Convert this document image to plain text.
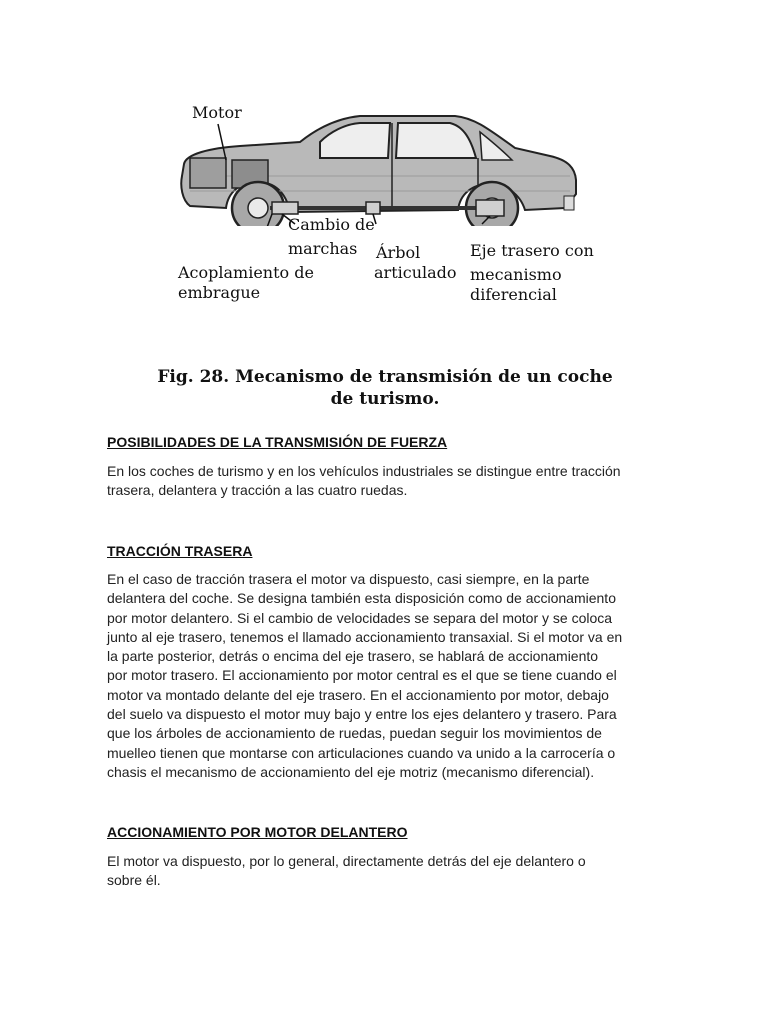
Motor
Cambio de
marchas Árbol
articulado
Eje trasero con
mecanismo
diferencial
Acoplamiento de
embrague
Fig. 28. Mecanismo de transmisión de un coche
de turismo.
POSIBILIDADES DE LA TRANSMISIÓN DE FUERZA
En los coches de turismo y en los vehículos industriales se distingue entre tracción
trasera, delantera y tracción a las cuatro ruedas.
TRACCIÓN TRASERA
En el caso de tracción trasera el motor va dispuesto, casi siempre, en la parte
delantera del coche. Se designa también esta disposición como de accionamiento
por motor delantero. Si el cambio de velocidades se separa del motor y se coloca
junto al eje trasero, tenemos el llamado accionamiento transaxial. Si el motor va en
la parte posterior, detrás o encima del eje trasero, se hablará de accionamiento
por motor trasero. El accionamiento por motor central es el que se tiene cuando el
motor va montado delante del eje trasero. En el accionamiento por motor, debajo
del suelo va dispuesto el motor muy bajo y entre los ejes delantero y trasero. Para
que los árboles de accionamiento de ruedas, puedan seguir los movimientos de
muelleo tienen que montarse con articulaciones cuando va unido a la carrocería o
chasis el mecanismo de accionamiento del eje motriz (mecanismo diferencial).
ACCIONAMIENTO POR MOTOR DELANTERO
El motor va dispuesto, por lo general, directamente detrás del eje delantero o
sobre él.
